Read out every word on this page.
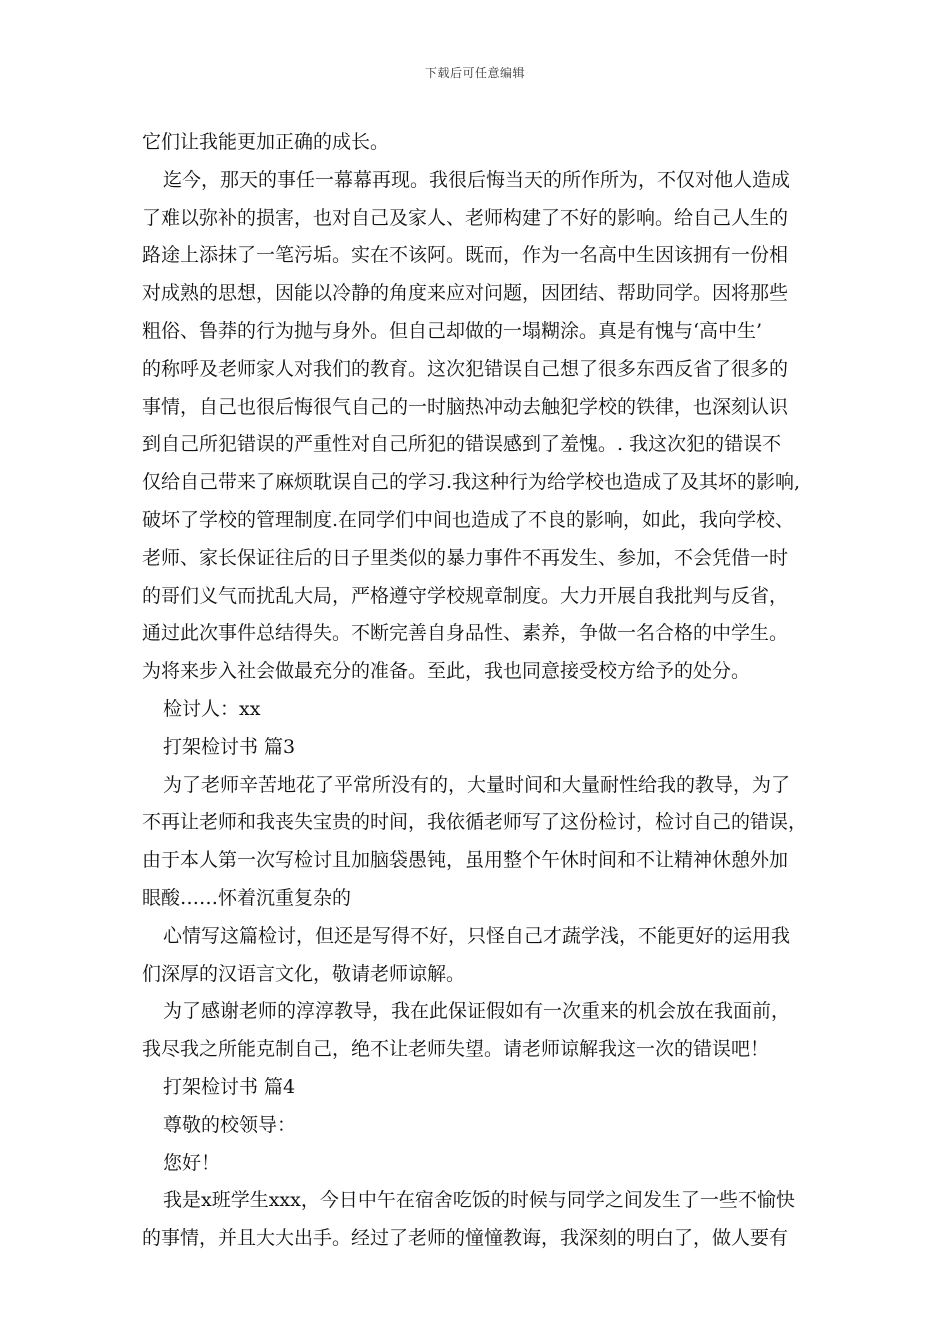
下载后可任意编辑
它们让我能更加正确的成长。
迄今，那天的事任一幕幕再现。我很后悔当天的所作所为，不仅对他人造成
了难以弥补的损害，也对自己及家人、老师构建了不好的影响。给自己人生的
路途上添抹了一笔污垢。实在不该阿。既而，作为一名高中生因该拥有一份相
对成熟的思想，因能以冷静的角度来应对问题，因团结、帮助同学。因将那些
粗俗、鲁莽的行为抛与身外。但自己却做的一塌糊涂。真是有愧与‘高中生’
的称呼及老师家人对我们的教育。这次犯错误自己想了很多东西反省了很多的
事情，自己也很后悔很气自己的一时脑热冲动去触犯学校的铁律，也深刻认识
到自己所犯错误的严重性对自己所犯的错误感到了羞愧。. 我这次犯的错误不
仅给自己带来了麻烦耽误自己的学习.我这种行为给学校也造成了及其坏的影响,
破坏了学校的管理制度.在同学们中间也造成了不良的影响，如此，我向学校、
老师、家长保证往后的日子里类似的暴力事件不再发生、参加，不会凭借一时
的哥们义气而扰乱大局，严格遵守学校规章制度。大力开展自我批判与反省，
通过此次事件总结得失。不断完善自身品性、素养，争做一名合格的中学生。
为将来步入社会做最充分的准备。至此，我也同意接受校方给予的处分。
检讨人：xx
打架检讨书 篇3
为了老师辛苦地花了平常所没有的，大量时间和大量耐性给我的教导，为了
不再让老师和我丧失宝贵的时间，我依循老师写了这份检讨，检讨自己的错误，
由于本人第一次写检讨且加脑袋愚钝，虽用整个午休时间和不让精神休憩外加
眼酸……怀着沉重复杂的
心情写这篇检讨，但还是写得不好，只怪自己才蔬学浅，不能更好的运用我
们深厚的汉语言文化，敬请老师谅解。
为了感谢老师的淳淳教导，我在此保证假如有一次重来的机会放在我面前，
我尽我之所能克制自己，绝不让老师失望。请老师谅解我这一次的错误吧！
打架检讨书 篇4
尊敬的校领导：
您好！
我是x班学生xxx，今日中午在宿舍吃饭的时候与同学之间发生了一些不愉快
的事情，并且大大出手。经过了老师的憧憧教诲，我深刻的明白了，做人要有
